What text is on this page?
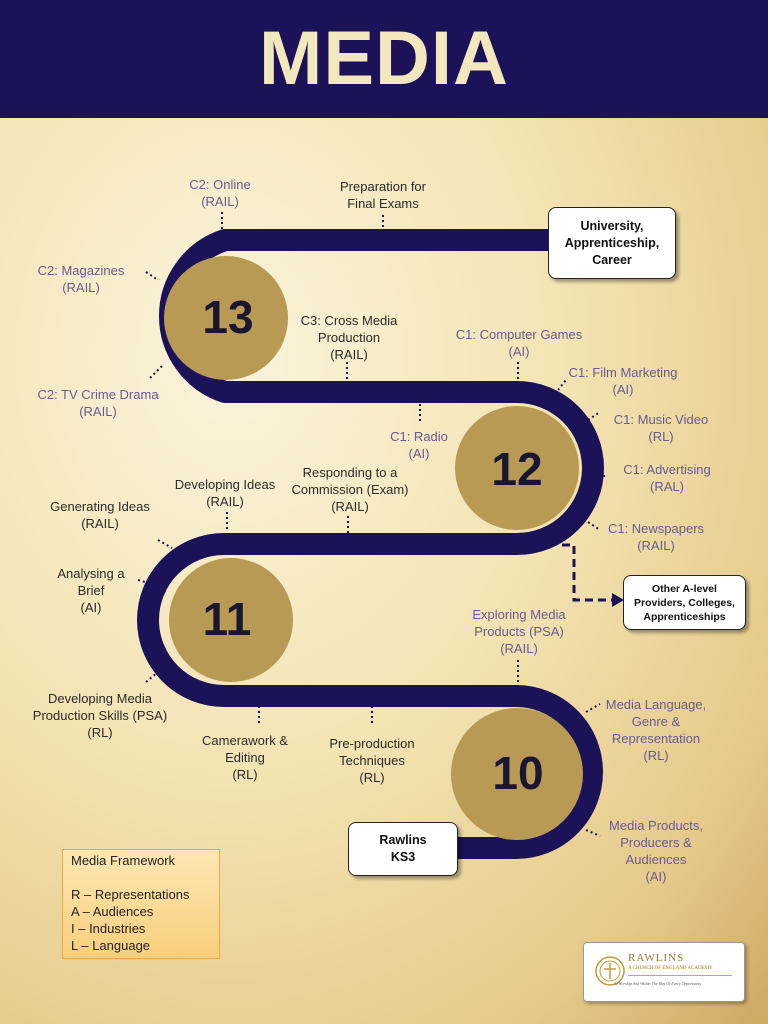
MEDIA
13
12
11
10
C2: Online
(RAIL)
Preparation for
Final Exams
C2: Magazines
(RAIL)
C3: Cross Media
Production
(RAIL)
C1: Computer Games
(AI)
C2: TV Crime Drama
(RAIL)
C1: Film Marketing
(AI)
C1: Radio
(AI)
C1: Music Video
(RL)
C1: Advertising
(RAL)
Developing Ideas
(RAIL)
Responding to a
Commission (Exam)
(RAIL)
Generating Ideas
(RAIL)	C1: Newspapers
(RAIL)
Analysing a
Brief
(AI)	Exploring Media
Products (PSA)
(RAIL)
Developing Media
Production Skills (PSA)
(RL)
Camerawork &
Editing
(RL)
Pre-production
Techniques
(RL)
Media Language,
Genre &
Representation
(RL)
Media Products,
Producers &
Audiences
(AI)
University,
Apprenticeship,
Career
Other A-level
Providers, Colleges,
Apprenticeships
Rawlins
KS3
Media Framework
R – Representations
A – Audiences
I – Industries
L – Language
RAWLINS
A CHURCH OF ENGLAND ACADEMY
At Worship And Within The Way Of Every Opportunity
